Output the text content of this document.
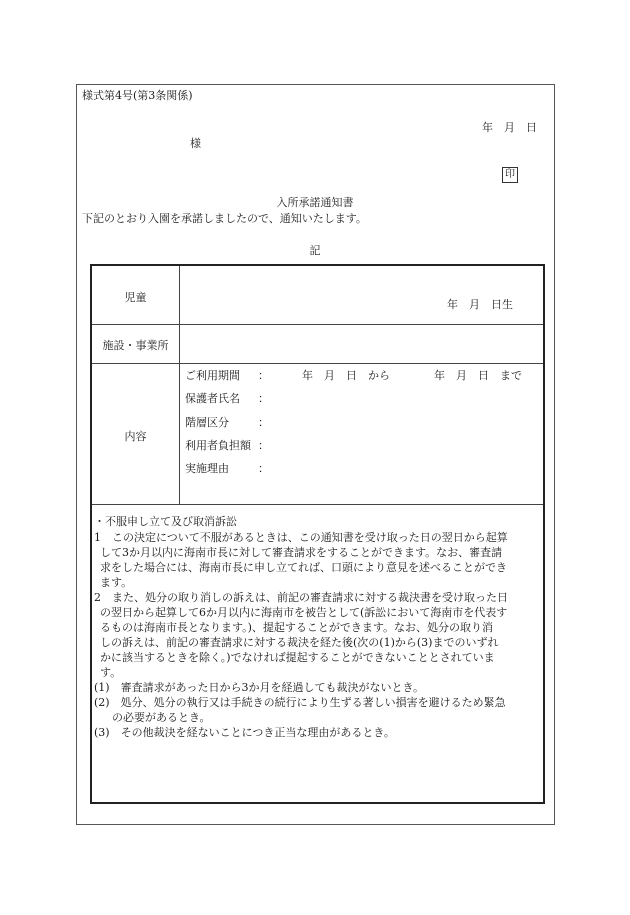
様式第4号(第3条関係)
年　月　日
様
印
入所承諾通知書
下記のとおり入園を承諾しましたので、通知いたします。
記
児童
年　月　日生
施設・事業所
内容
ご利用期間 ：	年　月　日　から　　　　年　月　日　まで
保護者氏名 ：
階層区分	：
利用者負担額 ：
実施理由	：
・不服申し立て及び取消訴訟
1　この決定について不服があるときは、この通知書を受け取った日の翌日から起算
して3か月以内に海南市長に対して審査請求をすることができます。なお、審査請
求をした場合には、海南市長に申し立てれば、口頭により意見を述べることができ
ます。
2　また、処分の取り消しの訴えは、前記の審査請求に対する裁決書を受け取った日
の翌日から起算して6か月以内に海南市を被告として(訴訟において海南市を代表す
るものは海南市長となります。)、提起することができます。なお、処分の取り消
しの訴えは、前記の審査請求に対する裁決を経た後(次の(1)から(3)までのいずれ
かに該当するときを除く。)でなければ提起することができないこととされていま
す。
(1)　審査請求があった日から3か月を経過しても裁決がないとき。
(2)　処分、処分の執行又は手続きの続行により生ずる著しい損害を避けるため緊急
の必要があるとき。
(3)　その他裁決を経ないことにつき正当な理由があるとき。
